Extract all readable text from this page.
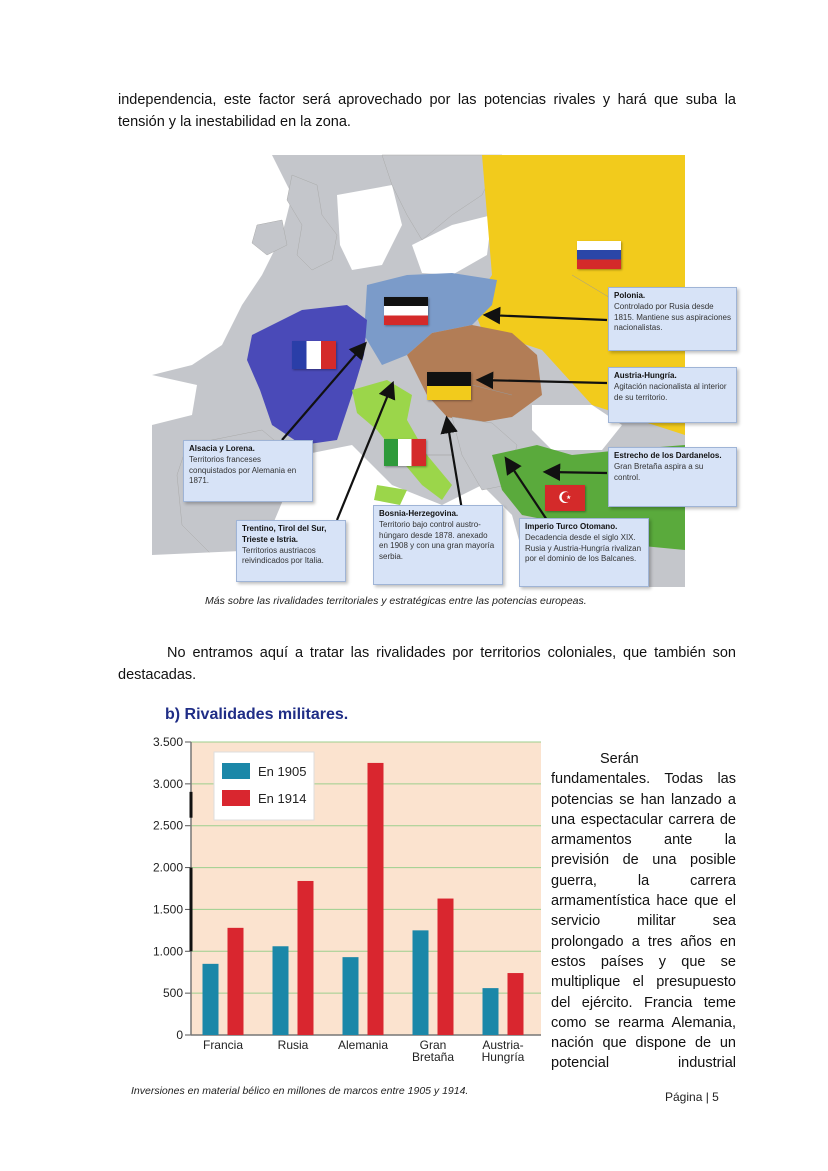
independencia, este factor será aprovechado por las potencias rivales y hará que suba la tensión y la inestabilidad en la zona.
☪
Polonia.
Controlado por Rusia desde 1815. Mantiene sus aspiraciones nacionalistas.
Austria-Hungría.
Agitación nacionalista al interior de su territorio.
Estrecho de los Dardanelos.
Gran Bretaña aspira a su control.
Alsacia y Lorena.
Territorios franceses conquistados por Alemania en 1871.
Trentino, Tirol del Sur, Trieste e Istria.
Territorios austriacos reivindicados por Italia.
Bosnia-Herzegovina.
Territorio bajo control austro-húngaro desde 1878. anexado en 1908 y con una gran mayoría serbia.
Imperio Turco Otomano.
Decadencia desde el siglo XIX. Rusia y Austria-Hungría rivalizan por el dominio de los Balcanes.
Más sobre las rivalidades territoriales y estratégicas entre las potencias europeas.
No entramos aquí a tratar las rivalidades por territorios coloniales, que también son destacadas.
b) Rivalidades militares.
0
500
1.000
1.500
2.000
2.500
3.000
3.500
Francia	Rusia Alemania	Gran
Bretaña
Austria-
Hungría
En 1905
En 1914
Serán
fundamentales. Todas las potencias se han lanzado a una espectacular carrera de armamentos ante la previsión de una posible guerra, la carrera armamentística hace que el servicio militar sea prolongado a tres años en estos países y que se multiplique el presupuesto del ejército. Francia teme como se rearma Alemania, nación que dispone de un potencial industrial
Inversiones en material bélico en millones de marcos entre 1905 y 1914.	Página | 5
